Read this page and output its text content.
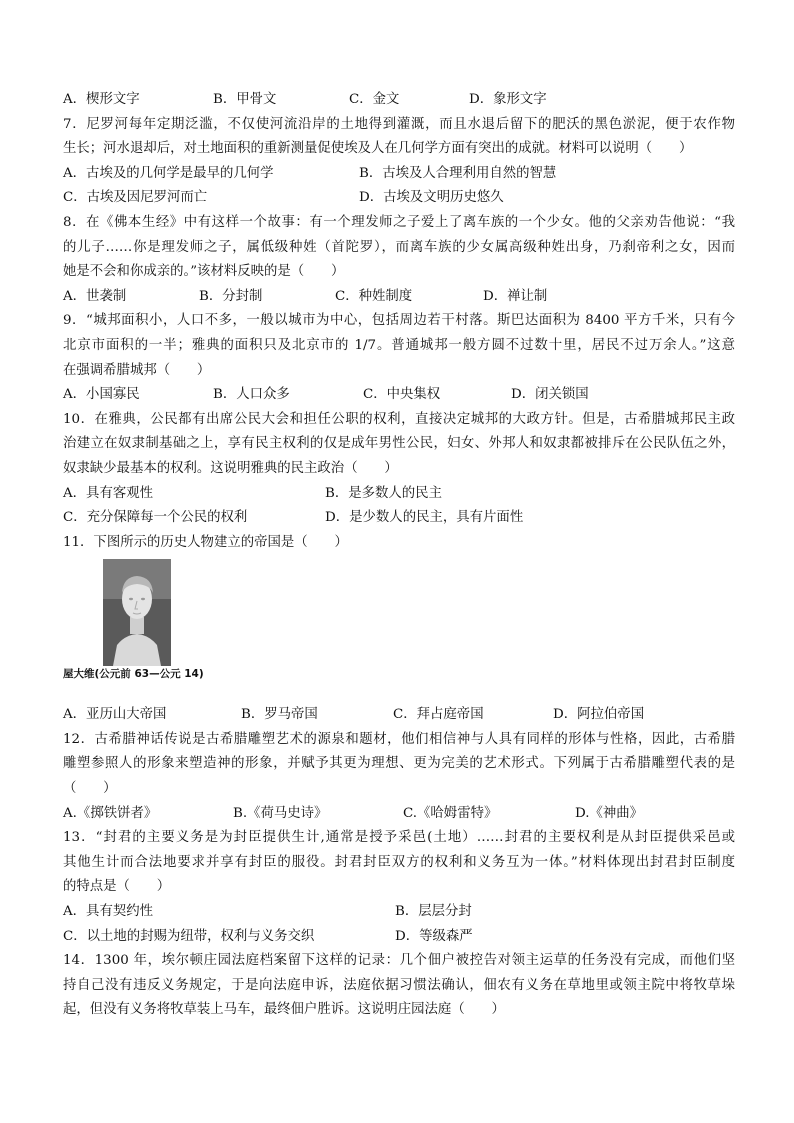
A．楔形文字	B．甲骨文	C．金文	D．象形文字
7．尼罗河每年定期泛滥，不仅使河流沿岸的土地得到灌溉，而且水退后留下的肥沃的黑色淤泥，便于农作物
生长；河水退却后，对土地面积的重新测量促使埃及人在几何学方面有突出的成就。材料可以说明（　　）
A．古埃及的几何学是最早的几何学	B．古埃及人合理利用自然的智慧
C．古埃及因尼罗河而亡	D．古埃及文明历史悠久
8．在《佛本生经》中有这样一个故事：有一个理发师之子爱上了离车族的一个少女。他的父亲劝告他说：“我
的儿子……你是理发师之子，属低级种姓（首陀罗），而离车族的少女属高级种姓出身，乃刹帝利之女，因而
她是不会和你成亲的。”该材料反映的是（　　）
A．世袭制	B．分封制	C．种姓制度	D．禅让制
9．“城邦面积小，人口不多，一般以城市为中心，包括周边若干村落。斯巴达面积为 8400 平方千米，只有今
北京市面积的一半；雅典的面积只及北京市的 1/7。普通城邦一般方圆不过数十里，居民不过万余人。”这意
在强调希腊城邦（　　）
A．小国寡民	B．人口众多	C．中央集权	D．闭关锁国
10．在雅典，公民都有出席公民大会和担任公职的权利，直接决定城邦的大政方针。但是，古希腊城邦民主政
治建立在奴隶制基础之上，享有民主权利的仅是成年男性公民，妇女、外邦人和奴隶都被排斥在公民队伍之外，
奴隶缺少最基本的权利。这说明雅典的民主政治（　　）
A．具有客观性	B．是多数人的民主
C．充分保障每一个公民的权利	D．是少数人的民主，具有片面性
11．下图所示的历史人物建立的帝国是（　　）
屋大维(公元前 63—公元 14)
A．亚历山大帝国	B．罗马帝国	C．拜占庭帝国	D．阿拉伯帝国
12．古希腊神话传说是古希腊雕塑艺术的源泉和题材，他们相信神与人具有同样的形体与性格，因此，古希腊
雕塑参照人的形象来塑造神的形象，并赋予其更为理想、更为完美的艺术形式。下列属于古希腊雕塑代表的是
（　　）
A.《掷铁饼者》	B.《荷马史诗》	C.《哈姆雷特》	D.《神曲》
13．“封君的主要义务是为封臣提供生计,通常是授予采邑(土地）……封君的主要权利是从封臣提供采邑或
其他生计而合法地要求并享有封臣的服役。封君封臣双方的权利和义务互为一体。”材料体现出封君封臣制度
的特点是（　　）
A．具有契约性	B．层层分封
C．以土地的封赐为纽带，权利与义务交织	D．等级森严
14．1300 年，埃尔顿庄园法庭档案留下这样的记录：几个佃户被控告对领主运草的任务没有完成，而他们坚
持自己没有违反义务规定，于是向法庭申诉，法庭依据习惯法确认，佃农有义务在草地里或领主院中将牧草垛
起，但没有义务将牧草装上马车，最终佃户胜诉。这说明庄园法庭（　　）
